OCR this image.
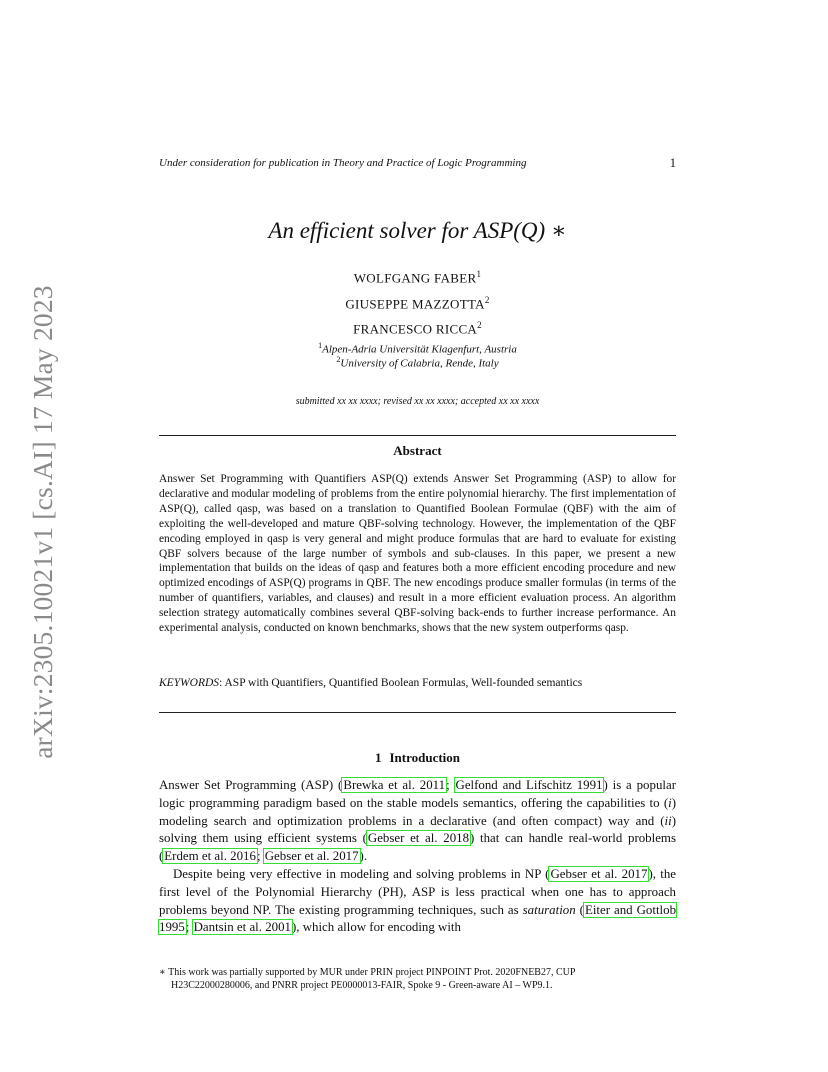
arXiv:2305.10021v1 [cs.AI] 17 May 2023
Under consideration for publication in Theory and Practice of Logic Programming	1
An efficient solver for ASP(Q) ∗
WOLFGANG FABER$^1$
GIUSEPPE MAZZOTTA$^2$
FRANCESCO RICCA$^2$
$^1$Alpen-Adria Universität Klagenfurt, Austria
$^2$University of Calabria, Rende, Italy
submitted xx xx xxxx; revised xx xx xxxx; accepted xx xx xxxx
Abstract
Answer Set Programming with Quantifiers ASP(Q) extends Answer Set Programming (ASP) to allow for declarative and modular modeling of problems from the entire polynomial hierarchy. The first implementation of ASP(Q), called qasp, was based on a translation to Quantified Boolean Formulae (QBF) with the aim of exploiting the well-developed and mature QBF-solving technology. However, the implementation of the QBF encoding employed in qasp is very general and might produce formulas that are hard to evaluate for existing QBF solvers because of the large number of symbols and sub-clauses. In this paper, we present a new implementation that builds on the ideas of qasp and features both a more efficient encoding procedure and new optimized encodings of ASP(Q) programs in QBF. The new encodings produce smaller formulas (in terms of the number of quantifiers, variables, and clauses) and result in a more efficient evaluation process. An algorithm selection strategy automatically combines several QBF-solving back-ends to further increase performance. An experimental analysis, conducted on known benchmarks, shows that the new system outperforms qasp.
KEYWORDS: ASP with Quantifiers, Quantified Boolean Formulas, Well-founded semantics
1 Introduction

Answer Set Programming (ASP) (Brewka et al. 2011; Gelfond and Lifschitz 1991) is a popular logic programming paradigm based on the stable models semantics, offering the capabilities to (i) modeling search and optimization problems in a declarative (and often compact) way and (ii) solving them using efficient systems (Gebser et al. 2018) that can handle real-world problems (Erdem et al. 2016; Gebser et al. 2017).

Despite being very effective in modeling and solving problems in NP (Gebser et al. 2017), the first level of the Polynomial Hierarchy (PH), ASP is less practical when one has to approach problems beyond NP. The existing programming techniques, such as saturation (Eiter and Gottlob 1995; Dantsin et al. 2001), which allow for encoding with

∗ This work was partially supported by MUR under PRIN project PINPOINT Prot. 2020FNEB27, CUP
H23C22000280006, and PNRR project PE0000013-FAIR, Spoke 9 - Green-aware AI – WP9.1.
